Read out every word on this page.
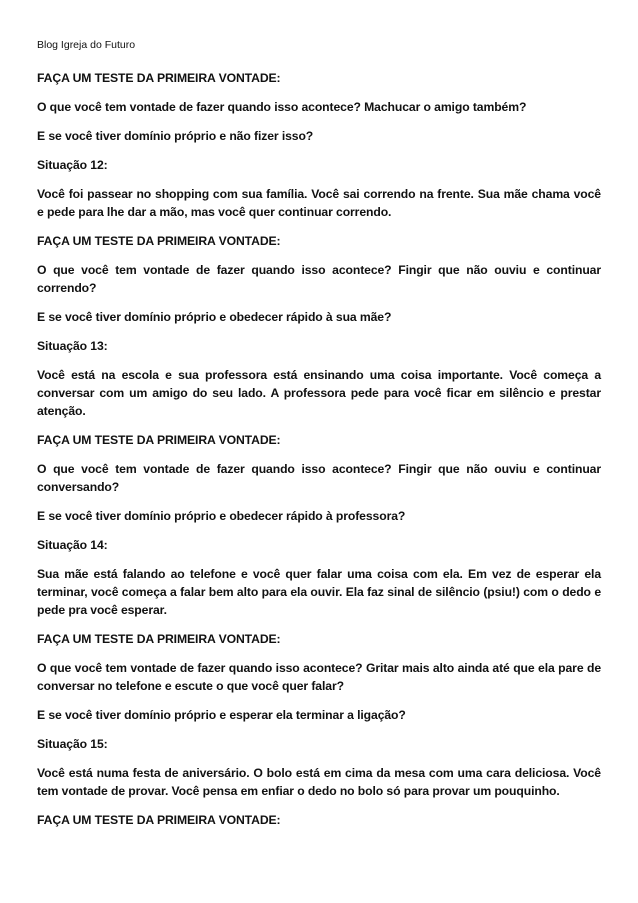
Blog Igreja do Futuro

FAÇA UM TESTE DA PRIMEIRA VONTADE:

O que você tem vontade de fazer quando isso acontece? Machucar o amigo também?

E se você tiver domínio próprio e não fizer isso?

Situação 12:

Você foi passear no shopping com sua família. Você sai correndo na frente. Sua mãe chama você e pede para lhe dar a mão, mas você quer continuar correndo.

FAÇA UM TESTE DA PRIMEIRA VONTADE:

O que você tem vontade de fazer quando isso acontece? Fingir que não ouviu e continuar correndo?

E se você tiver domínio próprio e obedecer rápido à sua mãe?

Situação 13:

Você está na escola e sua professora está ensinando uma coisa importante. Você começa a conversar com um amigo do seu lado. A professora pede para você ficar em silêncio e prestar atenção.

FAÇA UM TESTE DA PRIMEIRA VONTADE:

O que você tem vontade de fazer quando isso acontece? Fingir que não ouviu e continuar conversando?

E se você tiver domínio próprio e obedecer rápido à professora?

Situação 14:

Sua mãe está falando ao telefone e você quer falar uma coisa com ela. Em vez de esperar ela terminar, você começa a falar bem alto para ela ouvir. Ela faz sinal de silêncio (psiu!) com o dedo e pede pra você esperar.

FAÇA UM TESTE DA PRIMEIRA VONTADE:

O que você tem vontade de fazer quando isso acontece? Gritar mais alto ainda até que ela pare de conversar no telefone e escute o que você quer falar?

E se você tiver domínio próprio e esperar ela terminar a ligação?

Situação 15:

Você está numa festa de aniversário. O bolo está em cima da mesa com uma cara deliciosa. Você tem vontade de provar. Você pensa em enfiar o dedo no bolo só para provar um pouquinho.

FAÇA UM TESTE DA PRIMEIRA VONTADE:
